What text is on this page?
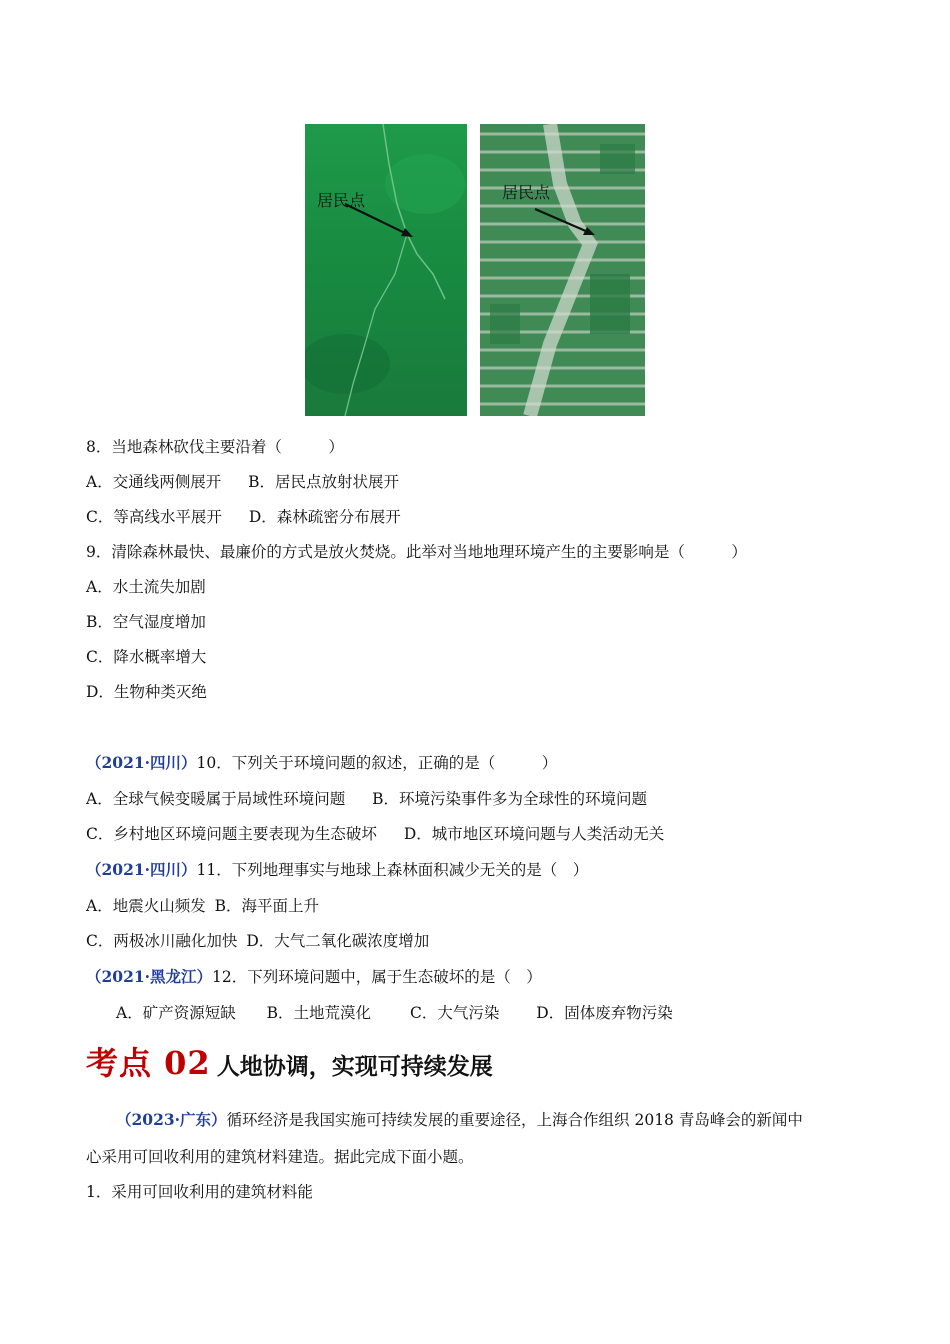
居民点	居民点
8．当地森林砍伐主要沿着（　　　）
A．交通线两侧展开 B．居民点放射状展开
C．等高线水平展开 D．森林疏密分布展开
9．清除森林最快、最廉价的方式是放火焚烧。此举对当地地理环境产生的主要影响是（　　　）
A．水土流失加剧
B．空气湿度增加
C．降水概率增大
D．生物种类灭绝
（2021·四川）10．下列关于环境问题的叙述，正确的是（　　　）
A．全球气候变暖属于局域性环境问题 B．环境污染事件多为全球性的环境问题
C．乡村地区环境问题主要表现为生态破坏 D．城市地区环境问题与人类活动无关
（2021·四川）11．下列地理事实与地球上森林面积减少无关的是（　）
A．地震火山频发 B．海平面上升
C．两极冰川融化加快 D．大气二氧化碳浓度增加
（2021·黑龙江）12．下列环境问题中，属于生态破坏的是（　）
A．矿产资源短缺 B．土地荒漠化	C．大气污染 D．固体废弃物污染
考点 02 人地协调，实现可持续发展
（2023·广东）循环经济是我国实施可持续发展的重要途径，上海合作组织 2018 青岛峰会的新闻中
心采用可回收利用的建筑材料建造。据此完成下面小题。
1．采用可回收利用的建筑材料能
